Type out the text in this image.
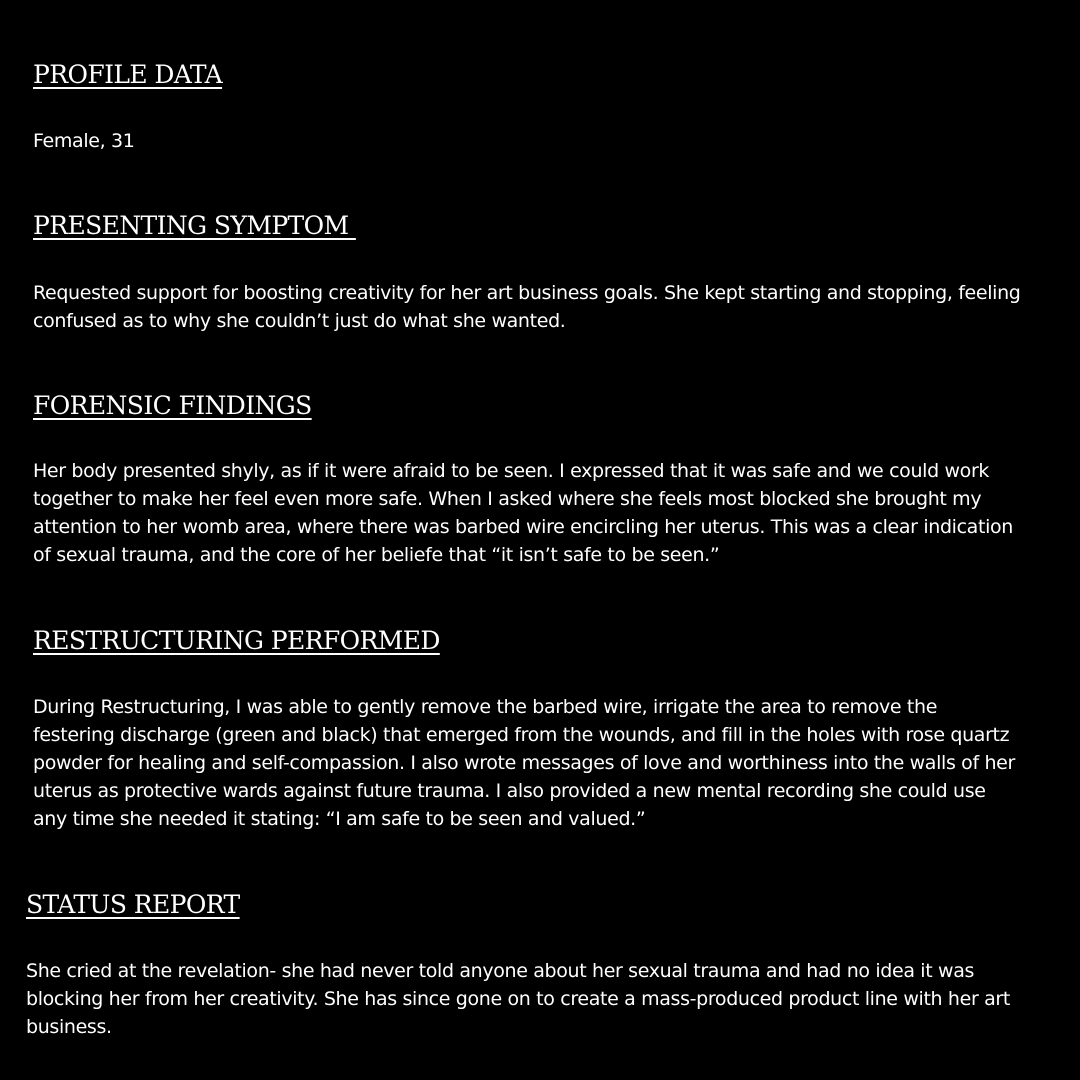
PROFILE DATA

Female, 31

PRESENTING SYMPTOM

Requested support for boosting creativity for her art business goals. She kept starting and stopping, feeling confused as to why she couldn’t just do what she wanted.

FORENSIC FINDINGS

Her body presented shyly, as if it were afraid to be seen. I expressed that it was safe and we could work together to make her feel even more safe. When I asked where she feels most blocked she brought my attention to her womb area, where there was barbed wire encircling her uterus. This was a clear indication of sexual trauma, and the core of her beliefe that “it isn’t safe to be seen.”

RESTRUCTURING PERFORMED

During Restructuring, I was able to gently remove the barbed wire, irrigate the area to remove the festering discharge (green and black) that emerged from the wounds, and fill in the holes with rose quartz powder for healing and self-compassion. I also wrote messages of love and worthiness into the walls of her uterus as protective wards against future trauma. I also provided a new mental recording she could use any time she needed it stating: “I am safe to be seen and valued.”

STATUS REPORT

She cried at the revelation- she had never told anyone about her sexual trauma and had no idea it was blocking her from her creativity. She has since gone on to create a mass-produced product line with her art business.
